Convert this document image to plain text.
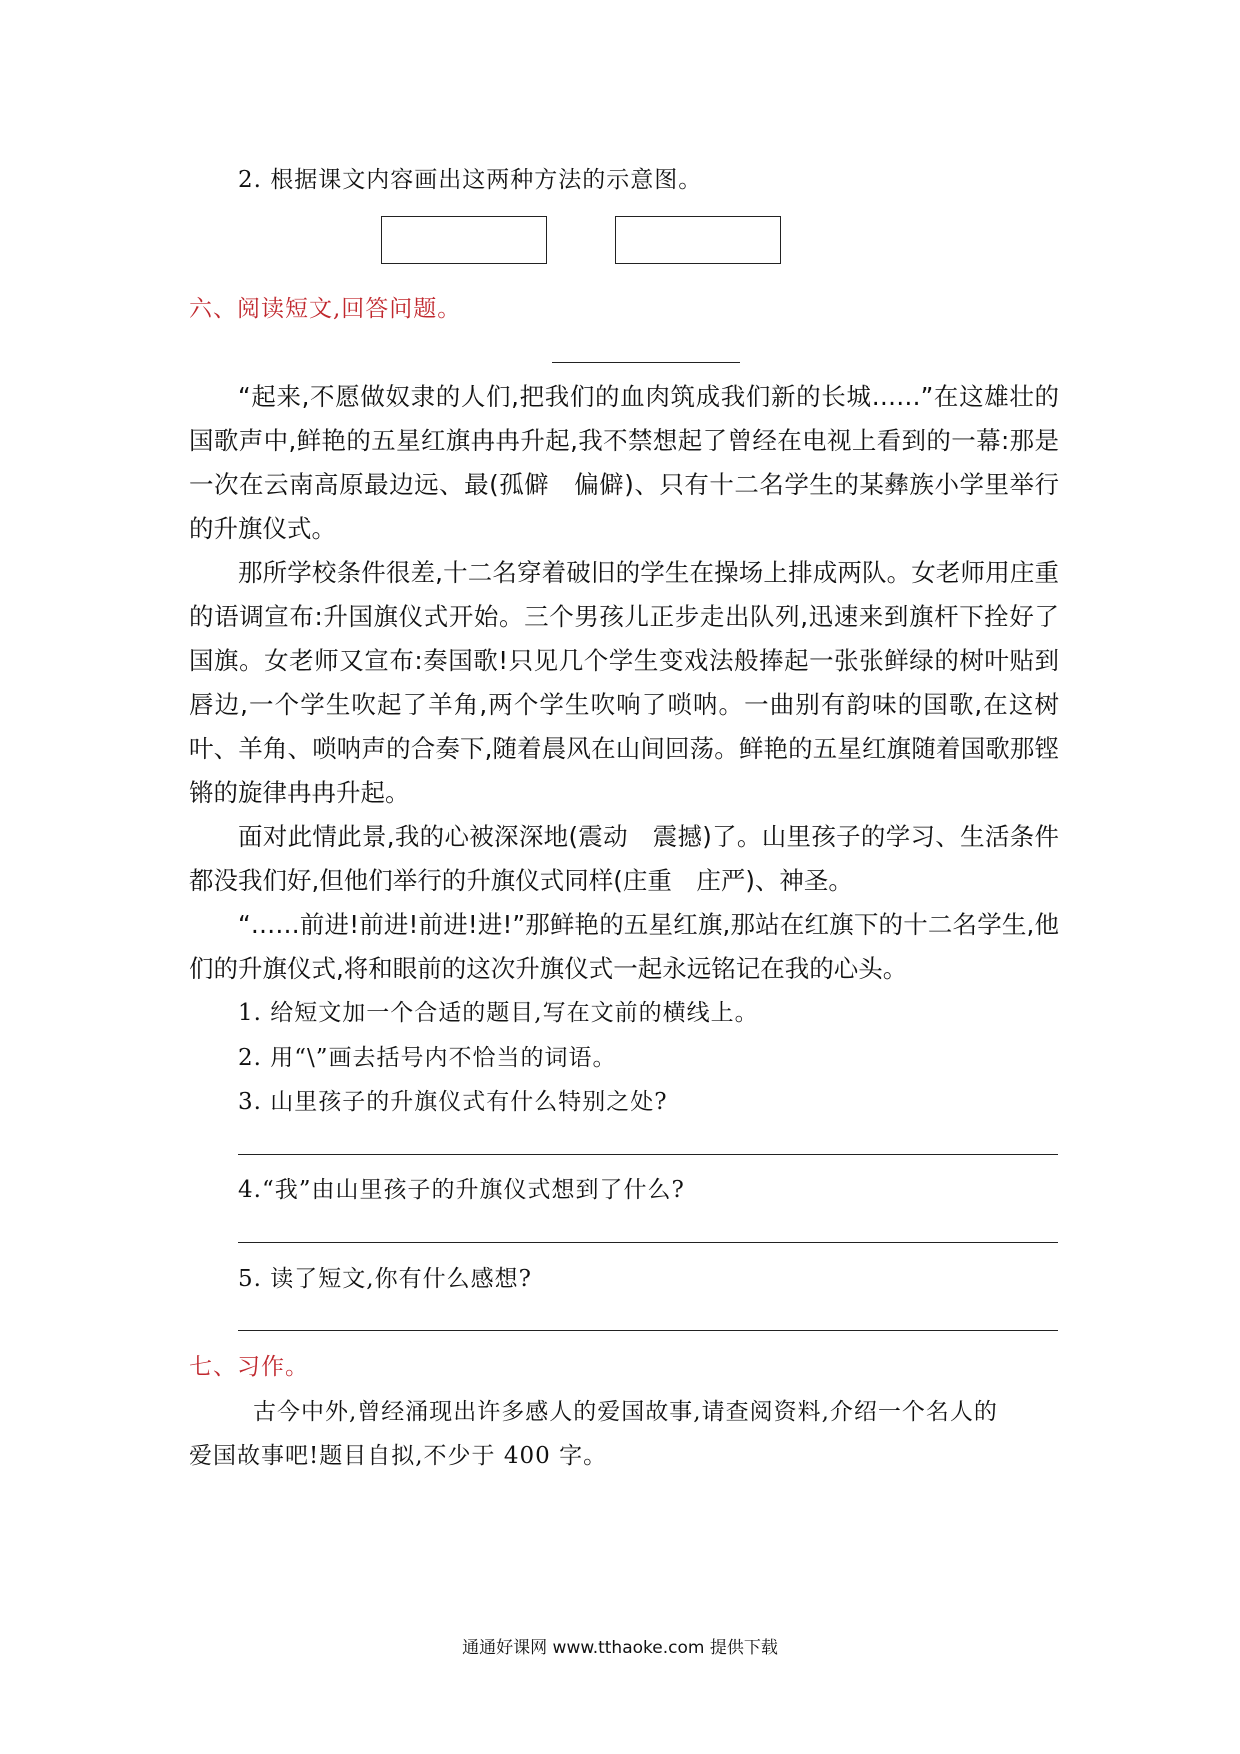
2. 根据课文内容画出这两种方法的示意图。
六、阅读短文,回答问题。

“起来,不愿做奴隶的人们,把我们的血肉筑成我们新的长城……”在这雄壮的国歌声中,鲜艳的五星红旗冉冉升起,我不禁想起了曾经在电视上看到的一幕:那是一次在云南高原最边远、最(孤僻　偏僻)、只有十二名学生的某彝族小学里举行的升旗仪式。

那所学校条件很差,十二名穿着破旧的学生在操场上排成两队。女老师用庄重的语调宣布:升国旗仪式开始。三个男孩儿正步走出队列,迅速来到旗杆下拴好了国旗。女老师又宣布:奏国歌!只见几个学生变戏法般捧起一张张鲜绿的树叶贴到唇边,一个学生吹起了羊角,两个学生吹响了唢呐。一曲别有韵味的国歌,在这树叶、羊角、唢呐声的合奏下,随着晨风在山间回荡。鲜艳的五星红旗随着国歌那铿锵的旋律冉冉升起。

面对此情此景,我的心被深深地(震动　震撼)了。山里孩子的学习、生活条件都没我们好,但他们举行的升旗仪式同样(庄重　庄严)、神圣。

“……前进!前进!前进!进!”那鲜艳的五星红旗,那站在红旗下的十二名学生,他们的升旗仪式,将和眼前的这次升旗仪式一起永远铭记在我的心头。

1. 给短文加一个合适的题目,写在文前的横线上。
2. 用“\”画去括号内不恰当的词语。
3. 山里孩子的升旗仪式有什么特别之处?
4.“我”由山里孩子的升旗仪式想到了什么?
5. 读了短文,你有什么感想?
七、习作。
古今中外,曾经涌现出许多感人的爱国故事,请查阅资料,介绍一个名人的
爱国故事吧!题目自拟,不少于 400 字。
通通好课网 www.tthaoke.com 提供下载
